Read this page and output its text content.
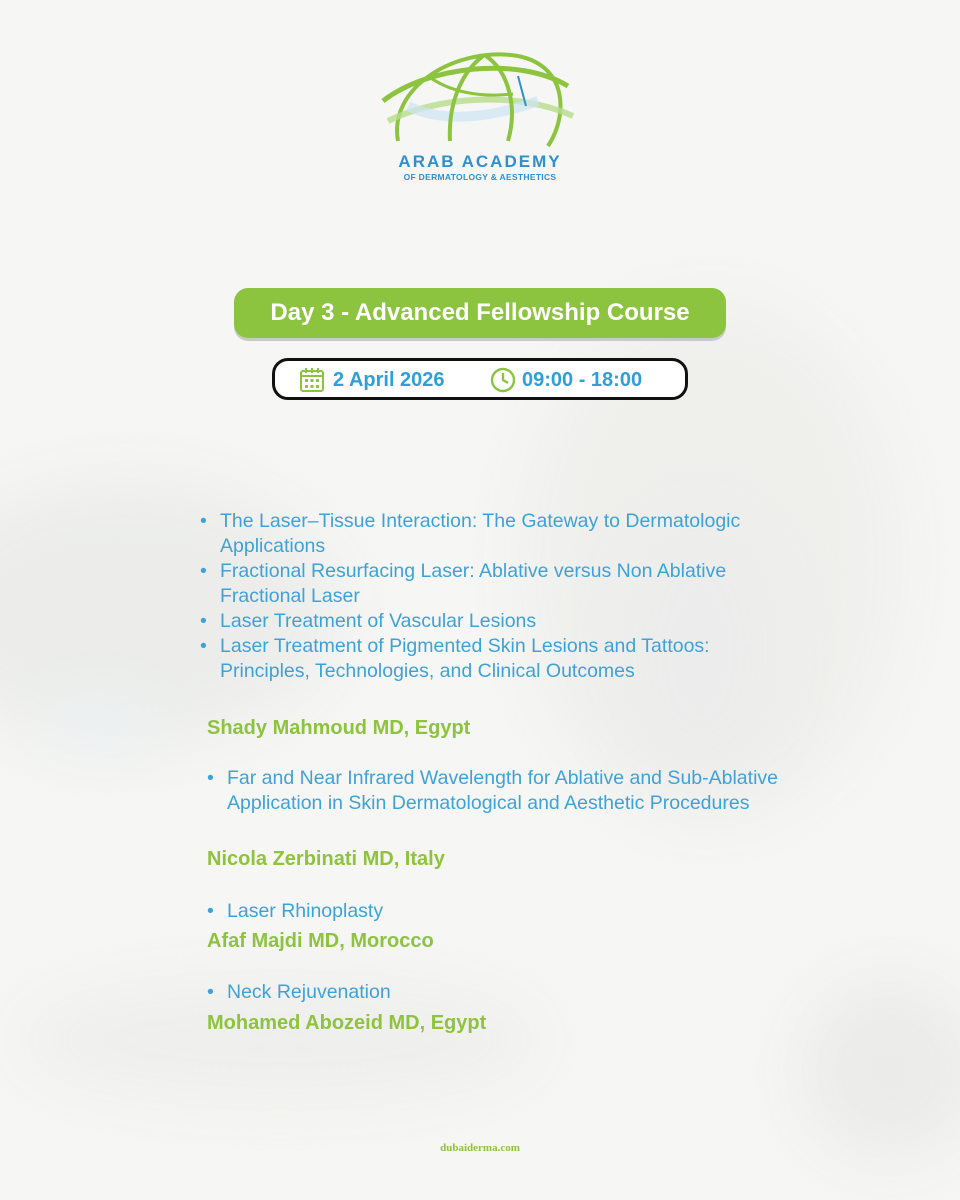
ARAB ACADEMY
OF DERMATOLOGY & AESTHETICS
Day 3 - Advanced Fellowship Course
2 April 2026	09:00 - 18:00
• The Laser–Tissue Interaction: The Gateway to Dermatologic Applications
• Fractional Resurfacing Laser: Ablative versus Non Ablative Fractional Laser
• Laser Treatment of Vascular Lesions
• Laser Treatment of Pigmented Skin Lesions and Tattoos: Principles, Technologies, and Clinical Outcomes
Shady Mahmoud MD, Egypt
• Far and Near Infrared Wavelength for Ablative and Sub-Ablative Application in Skin Dermatological and Aesthetic Procedures
Nicola Zerbinati MD, Italy
• Laser Rhinoplasty
Afaf Majdi MD, Morocco
• Neck Rejuvenation
Mohamed Abozeid MD, Egypt
dubaiderma.com
